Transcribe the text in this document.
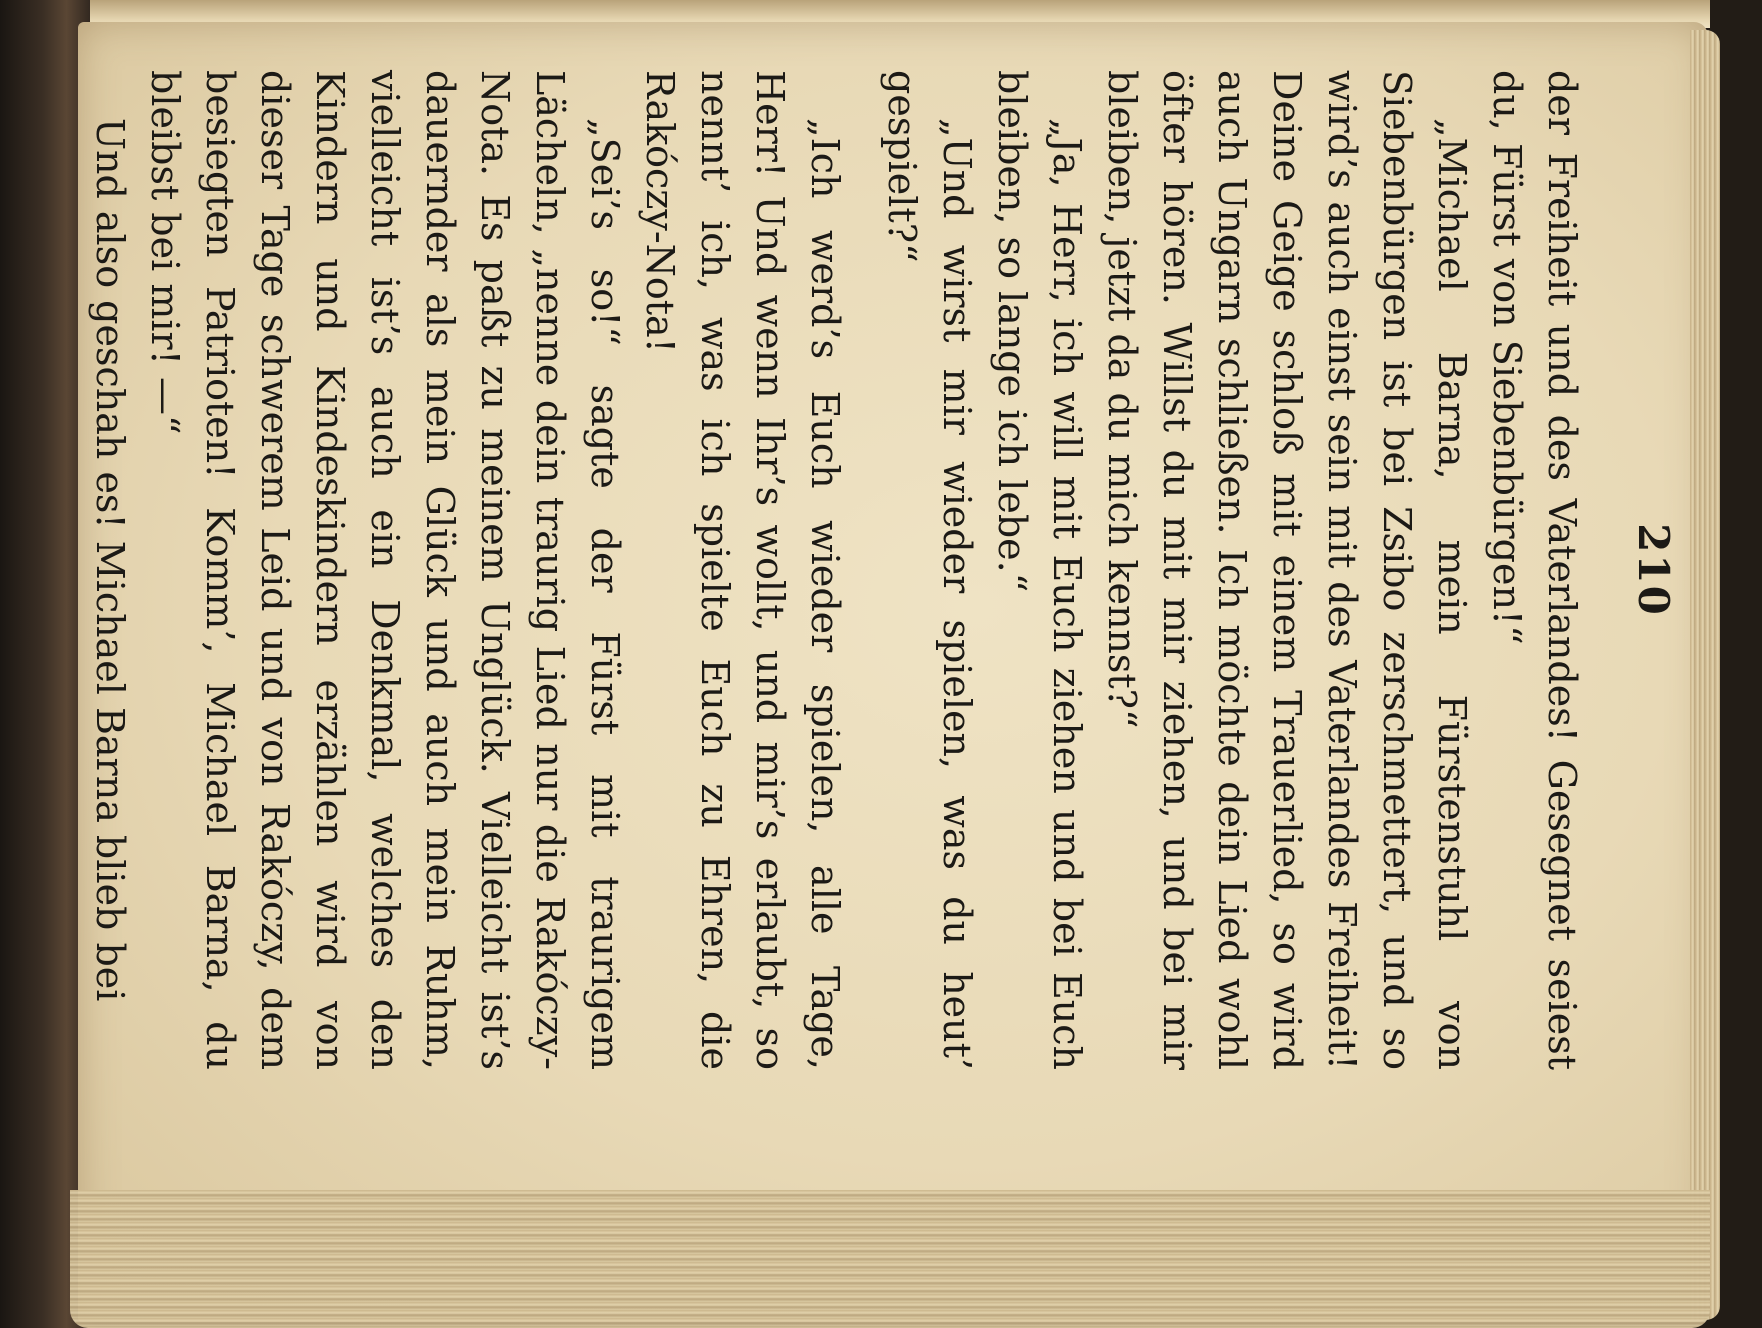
210

der Freiheit und des Vaterlandes! Gesegnet seiest du, Fürst von Siebenbürgen!“

„Michael Barna, mein Fürstenstuhl von Siebenbürgen ist bei Zsibo zerschmettert, und so wird’s auch einst sein mit des Vaterlandes Freiheit! Deine Geige schloß mit einem Trauerlied, so wird auch Ungarn schließen. Ich möchte dein Lied wohl öfter hören. Willst du mit mir ziehen, und bei mir bleiben, jetzt da du mich kennst?“

„Ja, Herr, ich will mit Euch ziehen und bei Euch bleiben, so lange ich lebe.“

„Und wirst mir wieder spielen, was du heut’ gespielt?“

„Ich werd’s Euch wieder spielen, alle Tage, Herr! Und wenn Ihr’s wollt, und mir’s erlaubt, so nennt’ ich, was ich spielte Euch zu Ehren, die Rakóczy-Nota!

„Sei’s so!“ sagte der Fürst mit traurigem Lächeln, „nenne dein traurig Lied nur die Rakóczy-Nota. Es paßt zu meinem Unglück. Vielleicht ist’s dauernder als mein Glück und auch mein Ruhm, vielleicht ist’s auch ein Denkmal, welches den Kindern und Kindeskindern erzählen wird von dieser Tage schwerem Leid und von Rakóczy, dem besiegten Patrioten! Komm’, Michael Barna, du bleibst bei mir! —“

Und also geschah es! Michael Barna blieb bei
